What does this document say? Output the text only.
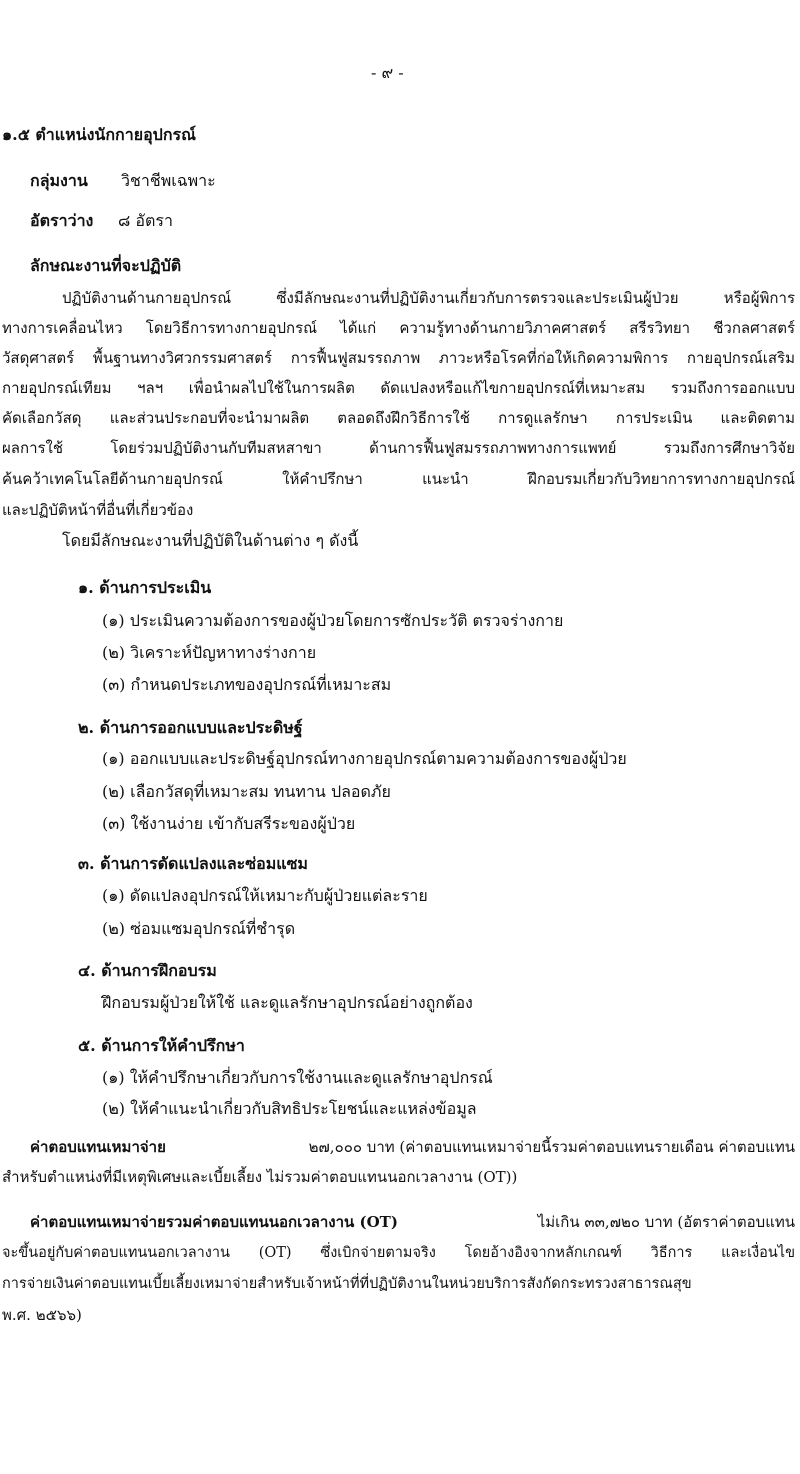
- ๙ -
๑.๕ ตำแหน่งนักกายอุปกรณ์
กลุ่มงาน วิชาชีพเฉพาะ
อัตราว่าง ๘ อัตรา
ลักษณะงานที่จะปฏิบัติ
ปฏิบัติงานด้านกายอุปกรณ์ ซึ่งมีลักษณะงานที่ปฏิบัติงานเกี่ยวกับการตรวจและประเมินผู้ป่วย หรือผู้พิการ
ทางการเคลื่อนไหว โดยวิธีการทางกายอุปกรณ์ ได้แก่ ความรู้ทางด้านกายวิภาคศาสตร์ สรีรวิทยา ชีวกลศาสตร์
วัสดุศาสตร์ พื้นฐานทางวิศวกรรมศาสตร์ การฟื้นฟูสมรรถภาพ ภาวะหรือโรคที่ก่อให้เกิดความพิการ กายอุปกรณ์เสริม
กายอุปกรณ์เทียม ฯลฯ เพื่อนำผลไปใช้ในการผลิต ดัดแปลงหรือแก้ไขกายอุปกรณ์ที่เหมาะสม รวมถึงการออกแบบ
คัดเลือกวัสดุ และส่วนประกอบที่จะนำมาผลิต ตลอดถึงฝึกวิธีการใช้ การดูแลรักษา การประเมิน และติดตาม
ผลการใช้ โดยร่วมปฏิบัติงานกับทีมสหสาขา ด้านการฟื้นฟูสมรรถภาพทางการแพทย์ รวมถึงการศึกษาวิจัย
ค้นคว้าเทคโนโลยีด้านกายอุปกรณ์ ให้คำปรึกษา แนะนำ ฝึกอบรมเกี่ยวกับวิทยาการทางกายอุปกรณ์
และปฏิบัติหน้าที่อื่นที่เกี่ยวข้อง
โดยมีลักษณะงานที่ปฏิบัติในด้านต่าง ๆ ดังนี้
๑. ด้านการประเมิน
(๑) ประเมินความต้องการของผู้ป่วยโดยการซักประวัติ ตรวจร่างกาย
(๒) วิเคราะห์ปัญหาทางร่างกาย
(๓) กำหนดประเภทของอุปกรณ์ที่เหมาะสม
๒. ด้านการออกแบบและประดิษฐ์
(๑) ออกแบบและประดิษฐ์อุปกรณ์ทางกายอุปกรณ์ตามความต้องการของผู้ป่วย
(๒) เลือกวัสดุที่เหมาะสม ทนทาน ปลอดภัย
(๓) ใช้งานง่าย เข้ากับสรีระของผู้ป่วย
๓. ด้านการดัดแปลงและซ่อมแซม
(๑) ดัดแปลงอุปกรณ์ให้เหมาะกับผู้ป่วยแต่ละราย
(๒) ซ่อมแซมอุปกรณ์ที่ชำรุด
๔. ด้านการฝึกอบรม
ฝึกอบรมผู้ป่วยให้ใช้ และดูแลรักษาอุปกรณ์อย่างถูกต้อง
๕. ด้านการให้คำปรึกษา
(๑) ให้คำปรึกษาเกี่ยวกับการใช้งานและดูแลรักษาอุปกรณ์
(๒) ให้คำแนะนำเกี่ยวกับสิทธิประโยชน์และแหล่งข้อมูล
ค่าตอบแทนเหมาจ่าย	๒๗,๐๐๐ บาท (ค่าตอบแทนเหมาจ่ายนี้รวมค่าตอบแทนรายเดือน ค่าตอบแทน
สำหรับตำแหน่งที่มีเหตุพิเศษและเบี้ยเลี้ยง ไม่รวมค่าตอบแทนนอกเวลางาน (OT))
ค่าตอบแทนเหมาจ่ายรวมค่าตอบแทนนอกเวลางาน (OT)	ไม่เกิน ๓๓,๗๒๐ บาท (อัตราค่าตอบแทน
จะขึ้นอยู่กับค่าตอบแทนนอกเวลางาน (OT) ซึ่งเบิกจ่ายตามจริง โดยอ้างอิงจากหลักเกณฑ์ วิธีการ และเงื่อนไข
การจ่ายเงินค่าตอบแทนเบี้ยเลี้ยงเหมาจ่ายสำหรับเจ้าหน้าที่ที่ปฏิบัติงานในหน่วยบริการสังกัดกระทรวงสาธารณสุข
พ.ศ. ๒๕๖๖)
